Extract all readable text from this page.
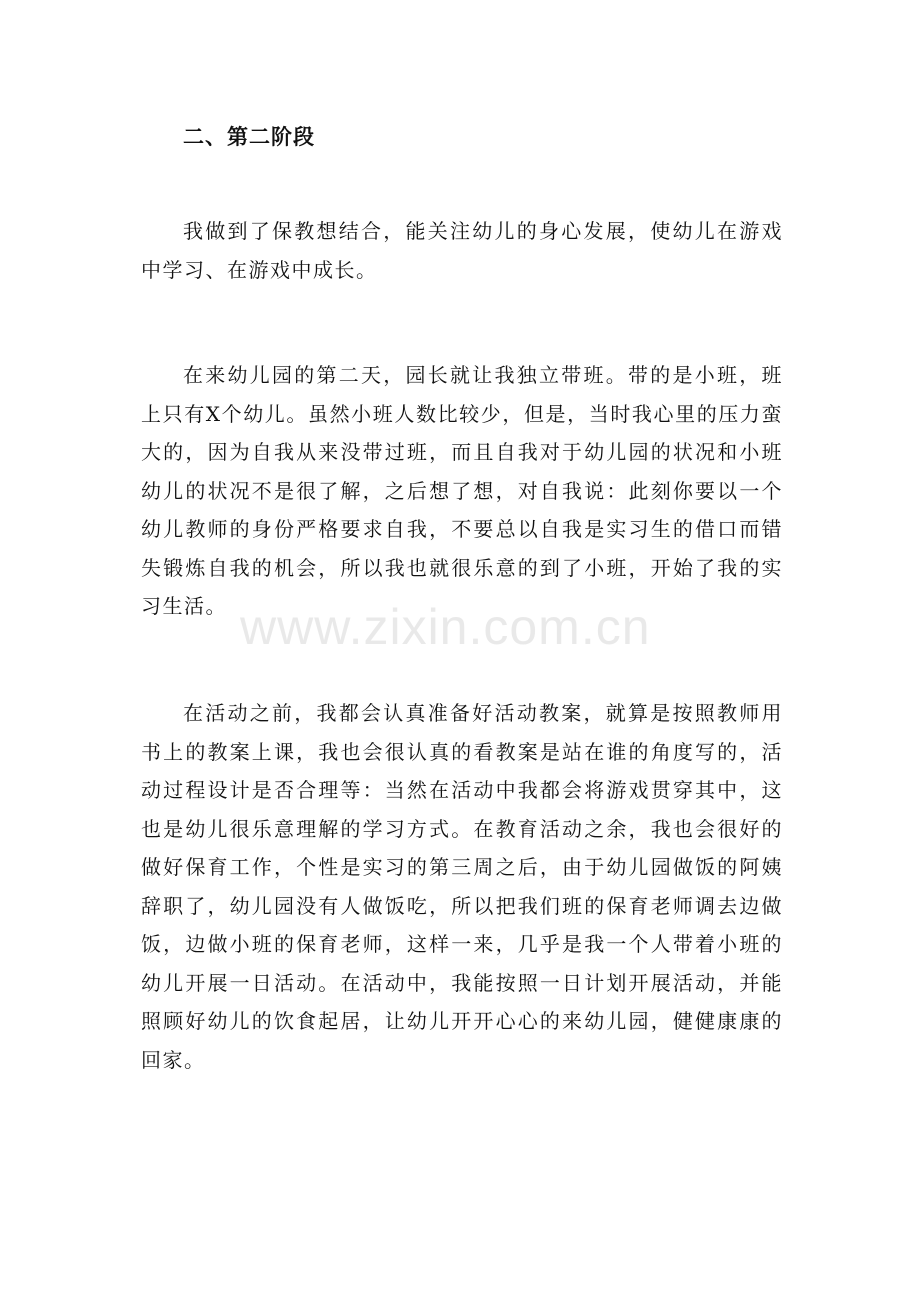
二、第二阶段

我做到了保教想结合，能关注幼儿的身心发展，使幼儿在游戏中学习、在游戏中成长。

在来幼儿园的第二天，园长就让我独立带班。带的是小班，班上只有X个幼儿。虽然小班人数比较少，但是，当时我心里的压力蛮大的，因为自我从来没带过班，而且自我对于幼儿园的状况和小班幼儿的状况不是很了解，之后想了想，对自我说：此刻你要以一个幼儿教师的身份严格要求自我，不要总以自我是实习生的借口而错失锻炼自我的机会，所以我也就很乐意的到了小班，开始了我的实习生活。

在活动之前，我都会认真准备好活动教案，就算是按照教师用书上的教案上课，我也会很认真的看教案是站在谁的角度写的，活动过程设计是否合理等：当然在活动中我都会将游戏贯穿其中，这也是幼儿很乐意理解的学习方式。在教育活动之余，我也会很好的做好保育工作，个性是实习的第三周之后，由于幼儿园做饭的阿姨辞职了，幼儿园没有人做饭吃，所以把我们班的保育老师调去边做饭，边做小班的保育老师，这样一来，几乎是我一个人带着小班的幼儿开展一日活动。在活动中，我能按照一日计划开展活动，并能照顾好幼儿的饮食起居，让幼儿开开心心的来幼儿园，健健康康的回家。

www.zixin.com.cn
